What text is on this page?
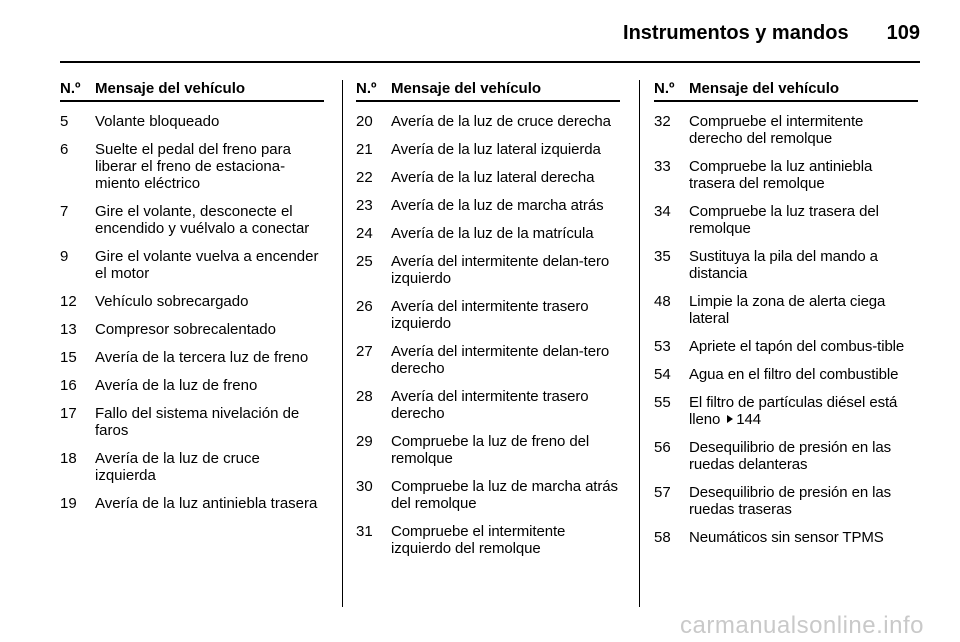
Instrumentos y mandos 109
N.º Mensaje del vehículo
5	Volante bloqueado
6	Suelte el pedal del freno para liberar el freno de estaciona-miento eléctrico
7	Gire el volante, desconecte el encendido y vuélvalo a conectar
9	Gire el volante vuelva a encender el motor
12	Vehículo sobrecargado
13	Compresor sobrecalentado
15	Avería de la tercera luz de freno
16	Avería de la luz de freno
17	Fallo del sistema nivelación de faros
18	Avería de la luz de cruce izquierda
19	Avería de la luz antiniebla trasera
N.º Mensaje del vehículo
20	Avería de la luz de cruce derecha
21	Avería de la luz lateral izquierda
22	Avería de la luz lateral derecha
23	Avería de la luz de marcha atrás
24	Avería de la luz de la matrícula
25	Avería del intermitente delan-tero izquierdo
26	Avería del intermitente trasero izquierdo
27	Avería del intermitente delan-tero derecho
28	Avería del intermitente trasero derecho
29	Compruebe la luz de freno del remolque
30	Compruebe la luz de marcha atrás del remolque
31	Compruebe el intermitente izquierdo del remolque
N.º Mensaje del vehículo
32	Compruebe el intermitente derecho del remolque
33	Compruebe la luz antiniebla trasera del remolque
34	Compruebe la luz trasera del remolque
35	Sustituya la pila del mando a distancia
48	Limpie la zona de alerta ciega lateral
53	Apriete el tapón del combus-tible
54	Agua en el filtro del combustible
55	El filtro de partículas diésel está lleno 144
56	Desequilibrio de presión en las ruedas delanteras
57	Desequilibrio de presión en las ruedas traseras
58	Neumáticos sin sensor TPMS
carmanualsonline.info
